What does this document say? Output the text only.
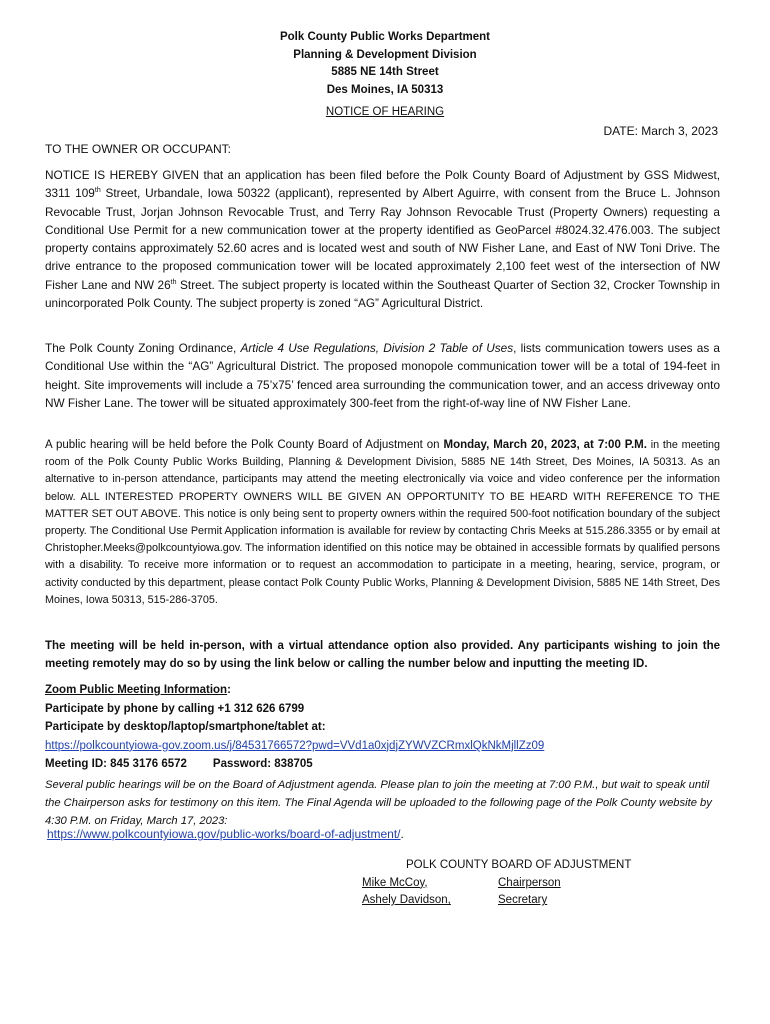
Polk County Public Works Department
Planning & Development Division
5885 NE 14th Street
Des Moines, IA 50313
NOTICE OF HEARING
DATE: March 3, 2023
TO THE OWNER OR OCCUPANT:
NOTICE IS HEREBY GIVEN that an application has been filed before the Polk County Board of Adjustment by GSS Midwest, 3311 109th Street, Urbandale, Iowa 50322 (applicant), represented by Albert Aguirre, with consent from the Bruce L. Johnson Revocable Trust, Jorjan Johnson Revocable Trust, and Terry Ray Johnson Revocable Trust (Property Owners) requesting a Conditional Use Permit for a new communication tower at the property identified as GeoParcel #8024.32.476.003. The subject property contains approximately 52.60 acres and is located west and south of NW Fisher Lane, and East of NW Toni Drive. The drive entrance to the proposed communication tower will be located approximately 2,100 feet west of the intersection of NW Fisher Lane and NW 26th Street. The subject property is located within the Southeast Quarter of Section 32, Crocker Township in unincorporated Polk County. The subject property is zoned “AG” Agricultural District.
The Polk County Zoning Ordinance, Article 4 Use Regulations, Division 2 Table of Uses, lists communication towers uses as a Conditional Use within the “AG” Agricultural District. The proposed monopole communication tower will be a total of 194-feet in height. Site improvements will include a 75’x75’ fenced area surrounding the communication tower, and an access driveway onto NW Fisher Lane. The tower will be situated approximately 300-feet from the right-of-way line of NW Fisher Lane.
A public hearing will be held before the Polk County Board of Adjustment on Monday, March 20, 2023, at 7:00 P.M. in the meeting room of the Polk County Public Works Building, Planning & Development Division, 5885 NE 14th Street, Des Moines, IA 50313. As an alternative to in-person attendance, participants may attend the meeting electronically via voice and video conference per the information below. ALL INTERESTED PROPERTY OWNERS WILL BE GIVEN AN OPPORTUNITY TO BE HEARD WITH REFERENCE TO THE MATTER SET OUT ABOVE. This notice is only being sent to property owners within the required 500-foot notification boundary of the subject property. The Conditional Use Permit Application information is available for review by contacting Chris Meeks at 515.286.3355 or by email at Christopher.Meeks@polkcountyiowa.gov. The information identified on this notice may be obtained in accessible formats by qualified persons with a disability. To receive more information or to request an accommodation to participate in a meeting, hearing, service, program, or activity conducted by this department, please contact Polk County Public Works, Planning & Development Division, 5885 NE 14th Street, Des Moines, Iowa 50313, 515-286-3705.
The meeting will be held in-person, with a virtual attendance option also provided. Any participants wishing to join the meeting remotely may do so by using the link below or calling the number below and inputting the meeting ID.
Zoom Public Meeting Information:
Participate by phone by calling +1 312 626 6799
Participate by desktop/laptop/smartphone/tablet at:
https://polkcountyiowa-gov.zoom.us/j/84531766572?pwd=VVd1a0xjdjZYWVZCRmxlQkNkMjllZz09
Meeting ID: 845 3176 6572 Password: 838705
Several public hearings will be on the Board of Adjustment agenda. Please plan to join the meeting at 7:00 P.M., but wait to speak until the Chairperson asks for testimony on this item. The Final Agenda will be uploaded to the following page of the Polk County website by 4:30 P.M. on Friday, March 17, 2023:
https://www.polkcountyiowa.gov/public-works/board-of-adjustment/.
POLK COUNTY BOARD OF ADJUSTMENT
Mike McCoy,	Chairperson
Ashely Davidson,	Secretary
